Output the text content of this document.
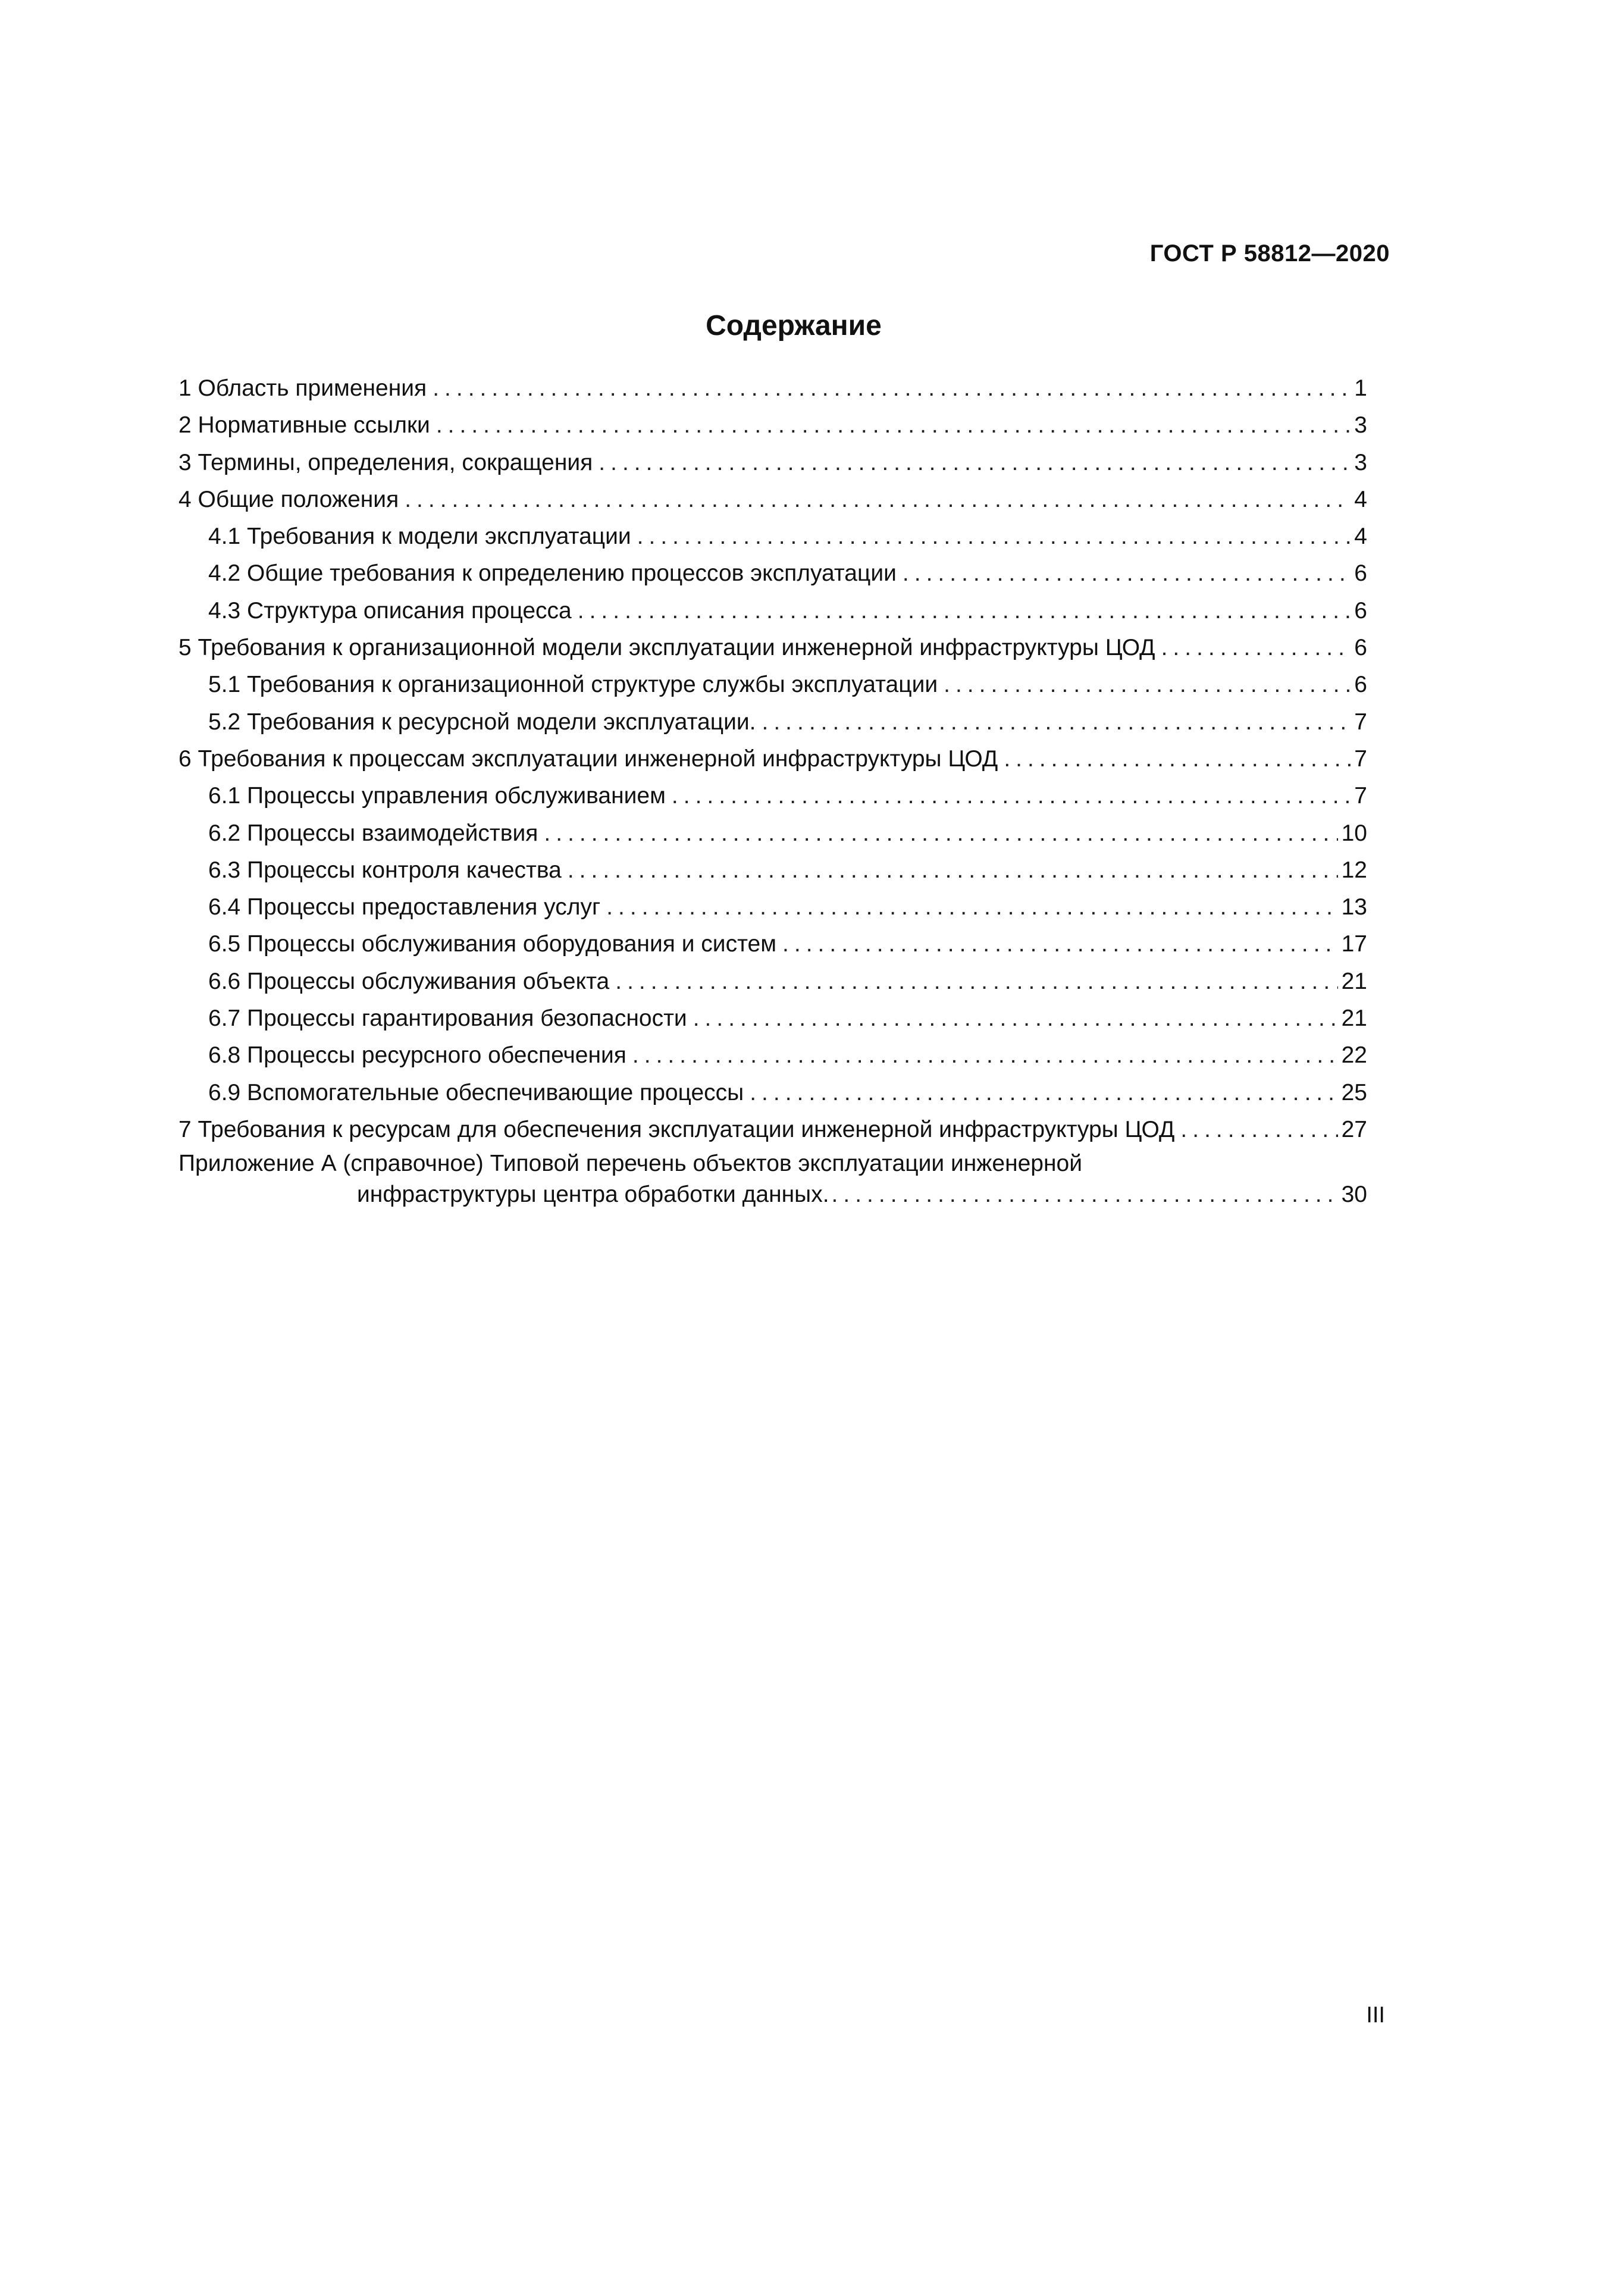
ГОСТ Р 58812—2020
Содержание
1 Область применения .....	1
2 Нормативные ссылки .....	3
3 Термины, определения, сокращения .....	3
4 Общие положения .....	4
4.1 Требования к модели эксплуатации .....	4
4.2 Общие требования к определению процессов эксплуатации .....	6
4.3 Структура описания процесса .....	6
5 Требования к организационной модели эксплуатации инженерной инфраструктуры ЦОД .....	6
5.1 Требования к организационной структуре службы эксплуатации .....	6
5.2 Требования к ресурсной модели эксплуатации. .....	7
6 Требования к процессам эксплуатации инженерной инфраструктуры ЦОД .....	7
6.1 Процессы управления обслуживанием .....	7
6.2 Процессы взаимодействия .....	10
6.3 Процессы контроля качества .....	12
6.4 Процессы предоставления услуг .....	13
6.5 Процессы обслуживания оборудования и систем .....	17
6.6 Процессы обслуживания объекта .....	21
6.7 Процессы гарантирования безопасности .....	21
6.8 Процессы ресурсного обеспечения .....	22
6.9 Вспомогательные обеспечивающие процессы .....	25
7 Требования к ресурсам для обеспечения эксплуатации инженерной инфраструктуры ЦОД .....	27
Приложение А (справочное) Типовой перечень объектов эксплуатации инженерной
инфраструктуры центра обработки данных. .....	30
III
